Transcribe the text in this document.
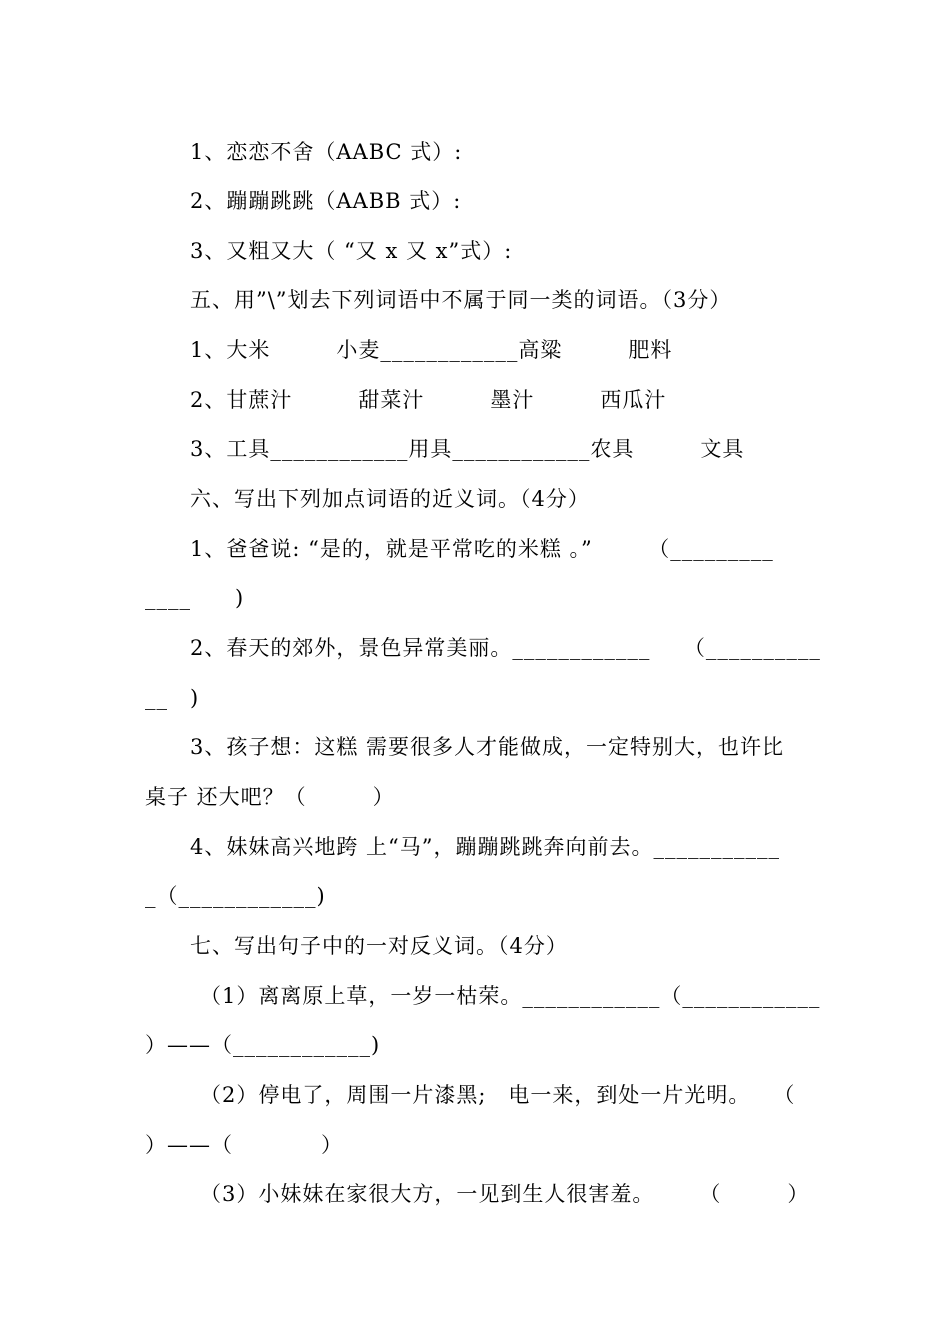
1、恋恋不舍（AABC 式）:
2、蹦蹦跳跳（AABB 式）:
3、又粗又大（ “又 x 又 x”式）:
五、用”\”划去下列词语中不属于同一类的词语。（3分）
1、大米　　　小麦____________高粱　　　肥料
2、甘蔗汁　　　甜菜汁　　　墨汁　　　西瓜汁
3、工具____________用具____________农具　　　文具
六、写出下列加点词语的近义词。（4分）
1、爸爸说: “是的，就是平常吃的米糕 。”　　　（_________
____　　)
2、春天的郊外，景色异常美丽。____________　　（__________
__　)
3、孩子想：这糕 需要很多人才能做成，一定特别大，也许比
桌子 还大吧？（　　　）
4、妹妹高兴地跨 上“马”，蹦蹦跳跳奔向前去。___________
_（____________)
七、写出句子中的一对反义词。（4分）
（1）离离原上草，一岁一枯荣。____________（____________
）——（____________)
（2）停电了，周围一片漆黑;　电一来，到处一片光明。　　（
）——（　　　　）
（3）小妹妹在家很大方，一见到生人很害羞。　　　（　　　）
